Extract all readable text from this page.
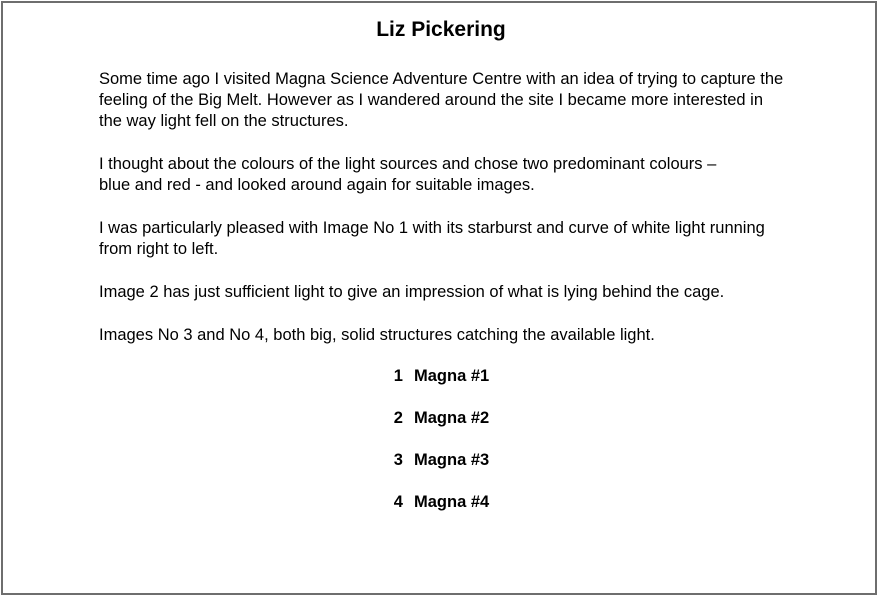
Liz Pickering

Some time ago I visited Magna Science Adventure Centre with an idea of trying to capture the
feeling of the Big Melt. However as I wandered around the site I became more interested in
the way light fell on the structures.

I thought about the colours of the light sources and chose two predominant colours –
blue and red - and looked around again for suitable images.

I was particularly pleased with Image No 1 with its starburst and curve of white light running
from right to left.

Image 2 has just sufficient light to give an impression of what is lying behind the cage.

Images No 3 and No 4, both big, solid structures catching the available light.

1 Magna #1
2 Magna #2
3 Magna #3
4 Magna #4
